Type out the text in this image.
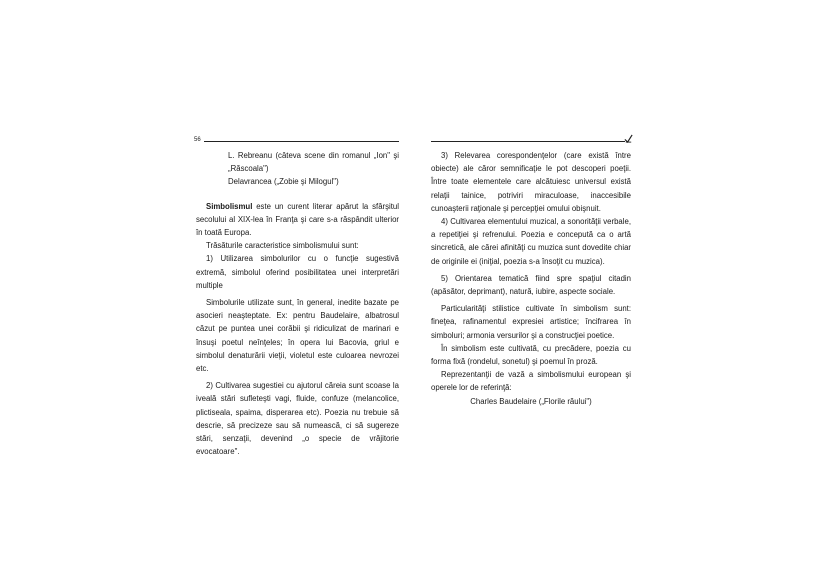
56

L. Rebreanu (câteva scene din romanul „Ion" şi „Răscoala")

Delavrancea („Zobie şi Milogul")

Simbolismul este un curent literar apărut la sfârşitul secolului al XIX-lea în Franţa şi care s-a răspândit ulterior în toată Europa.

Trăsăturile caracteristice simbolismului sunt:

1) Utilizarea simbolurilor cu o funcţie sugestivă extremă, simbolul oferind posibilitatea unei interpretări multiple

Simbolurile utilizate sunt, în general, inedite bazate pe asocieri neaşteptate. Ex: pentru Baudelaire, albatrosul căzut pe puntea unei corăbii şi ridiculizat de marinari e însuşi poetul neînţeles; în opera lui Bacovia, griul e simbolul denaturării vieţii, violetul este culoarea nevrozei etc.

2) Cultivarea sugestiei cu ajutorul căreia sunt scoase la iveală stări sufleteşti vagi, fluide, confuze (melancolice, plictiseala, spaima, disperarea etc). Poezia nu trebuie să descrie, să precizeze sau să numească, ci să sugereze stări, senzaţii, devenind „o specie de vrăjitorie evocatoare".

3) Relevarea corespondenţelor (care există între obiecte) ale căror semnificaţie le pot descoperi poeţii. Între toate elementele care alcătuiesc universul există relaţii tainice, potriviri miraculoase, inaccesibile cunoaşterii raţionale şi percepţiei omului obişnuit.

4) Cultivarea elementului muzical, a sonorităţii verbale, a repetiţiei şi refrenului. Poezia e concepută ca o artă sincretică, ale cărei afinităţi cu muzica sunt dovedite chiar de originile ei (iniţial, poezia s-a însoţit cu muzica).

5) Orientarea tematică fiind spre spaţiul citadin (apăsător, deprimant), natură, iubire, aspecte sociale.

Particularităţi stilistice cultivate în simbolism sunt: fineţea, rafinamentul expresiei artistice; încifrarea în simboluri; armonia versurilor şi a construcţiei poetice.

În simbolism este cultivată, cu precădere, poezia cu forma fixă (rondelul, sonetul) şi poemul în proză.

Reprezentanţii de vază a simbolismului european şi operele lor de referinţă:

Charles Baudelaire („Florile răului")
